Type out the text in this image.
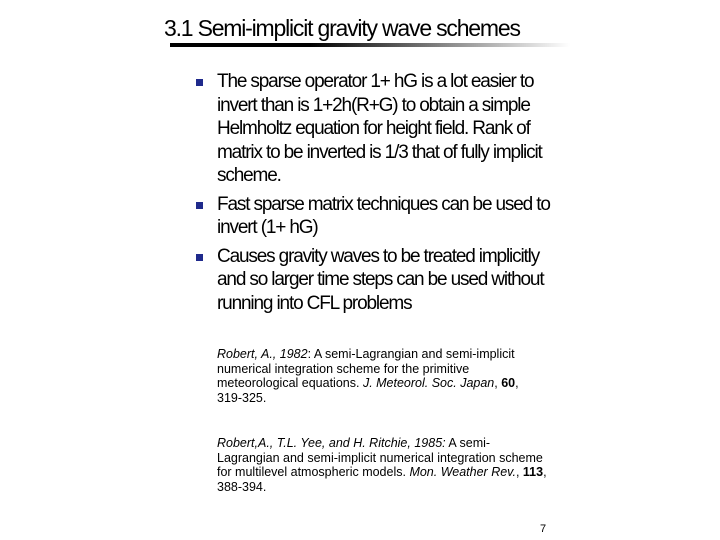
3.1 Semi-implicit gravity wave schemes
The sparse operator 1+ hG is a lot easier to invert than is 1+2h(R+G) to obtain a simple Helmholtz equation for height field. Rank of matrix to be inverted is 1/3 that of fully implicit scheme.
Fast sparse matrix techniques can be used to invert (1+ hG)
Causes gravity waves to be treated implicitly and so larger time steps can be used without running into CFL problems
Robert, A., 1982: A semi-Lagrangian and semi-implicit numerical integration scheme for the primitive meteorological equations. J. Meteorol. Soc. Japan, 60, 319-325.
Robert,A., T.L. Yee, and H. Ritchie, 1985: A semi-Lagrangian and semi-implicit numerical integration scheme for multilevel atmospheric models. Mon. Weather Rev., 113, 388-394.
7
